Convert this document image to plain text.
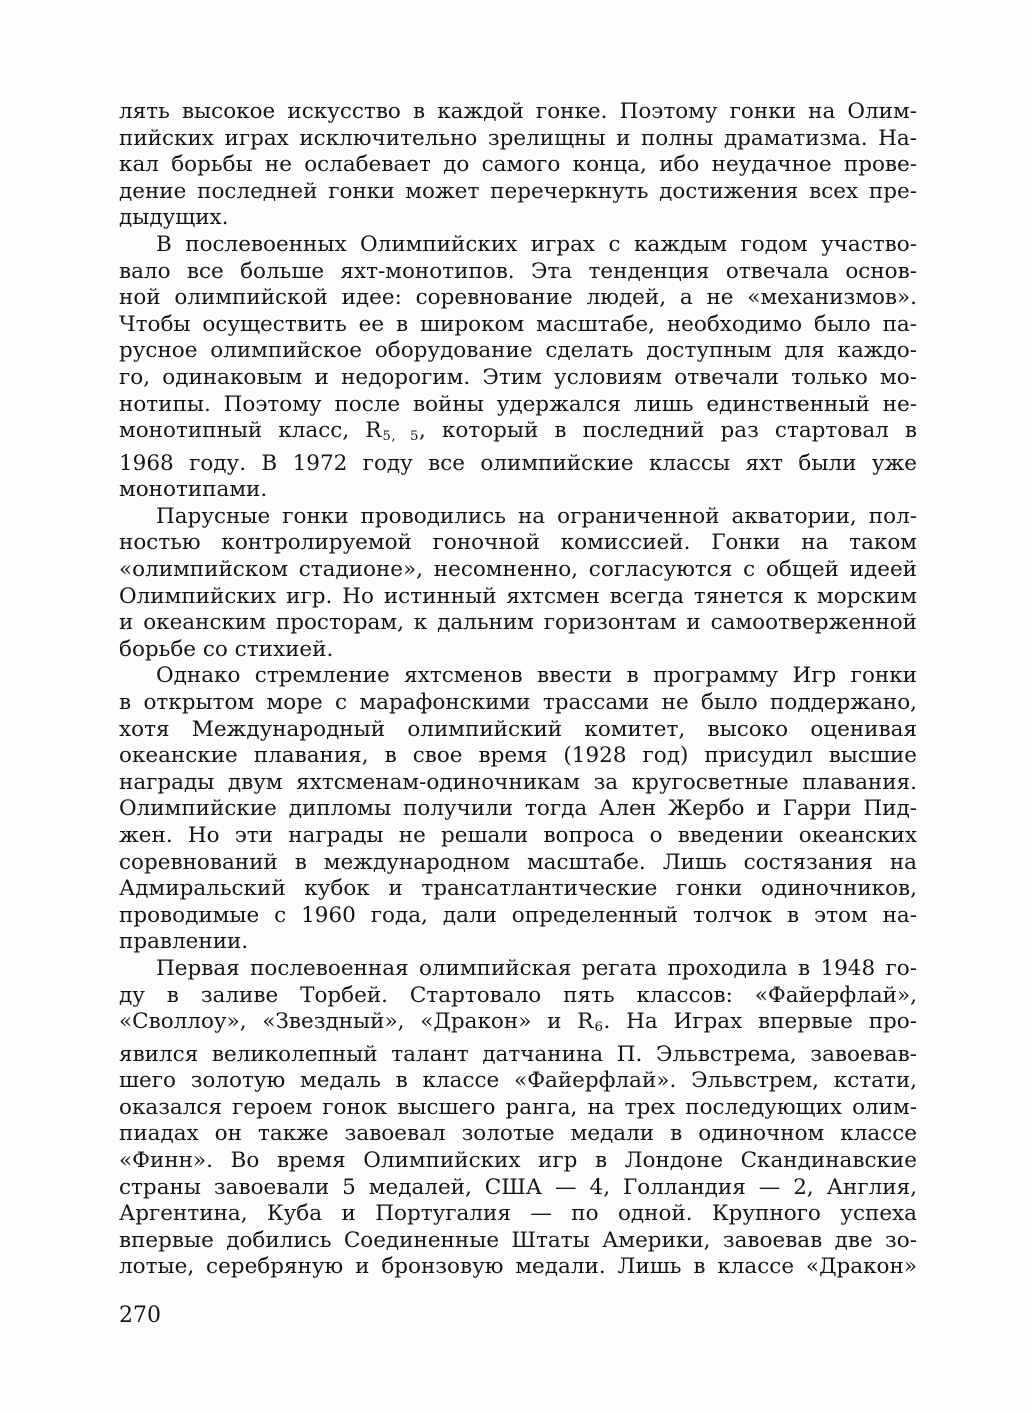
лять высокое искусство в каждой гонке. Поэтому гонки на Олим-
пийских играх исключительно зрелищны и полны драматизма. На-
кал борьбы не ослабевает до самого конца, ибо неудачное прове-
дение последней гонки может перечеркнуть достижения всех пре-
дыдущих.
В послевоенных Олимпийских играх с каждым годом участво-
вало все больше яхт-монотипов. Эта тенденция отвечала основ-
ной олимпийской идее: соревнование людей, а не «механизмов».
Чтобы осуществить ее в широком масштабе, необходимо было па-
русное олимпийское оборудование сделать доступным для каждо-
го, одинаковым и недорогим. Этим условиям отвечали только мо-
нотипы. Поэтому после войны удержался лишь единственный не-
монотипный класс, $R_{5, 5}$, который в последний раз стартовал в
1968 году. В 1972 году все олимпийские классы яхт были уже
монотипами.
Парусные гонки проводились на ограниченной акватории, пол-
ностью контролируемой гоночной комиссией. Гонки на таком
«олимпийском стадионе», несомненно, согласуются с общей идеей
Олимпийских игр. Но истинный яхтсмен всегда тянется к морским
и океанским просторам, к дальним горизонтам и самоотверженной
борьбе со стихией.
Однако стремление яхтсменов ввести в программу Игр гонки
в открытом море с марафонскими трассами не было поддержано,
хотя Международный олимпийский комитет, высоко оценивая
океанские плавания, в свое время (1928 год) присудил высшие
награды двум яхтсменам-одиночникам за кругосветные плавания.
Олимпийские дипломы получили тогда Ален Жербо и Гарри Пид-
жен. Но эти награды не решали вопроса о введении океанских
соревнований в международном масштабе. Лишь состязания на
Адмиральский кубок и трансатлантические гонки одиночников,
проводимые с 1960 года, дали определенный толчок в этом на-
правлении.
Первая послевоенная олимпийская регата проходила в 1948 го-
ду в заливе Торбей. Стартовало пять классов: «Файерфлай»,
«Своллоу», «Звездный», «Дракон» и $R_6$. На Играх впервые про-
явился великолепный талант датчанина П. Эльвстрема, завоевав-
шего золотую медаль в классе «Файерфлай». Эльвстрем, кстати,
оказался героем гонок высшего ранга, на трех последующих олим-
пиадах он также завоевал золотые медали в одиночном классе
«Финн». Во время Олимпийских игр в Лондоне Скандинавские
страны завоевали 5 медалей, США — 4, Голландия — 2, Англия,
Аргентина, Куба и Португалия — по одной. Крупного успеха
впервые добились Соединенные Штаты Америки, завоевав две зо-
лотые, серебряную и бронзовую медали. Лишь в классе «Дракон»
270
